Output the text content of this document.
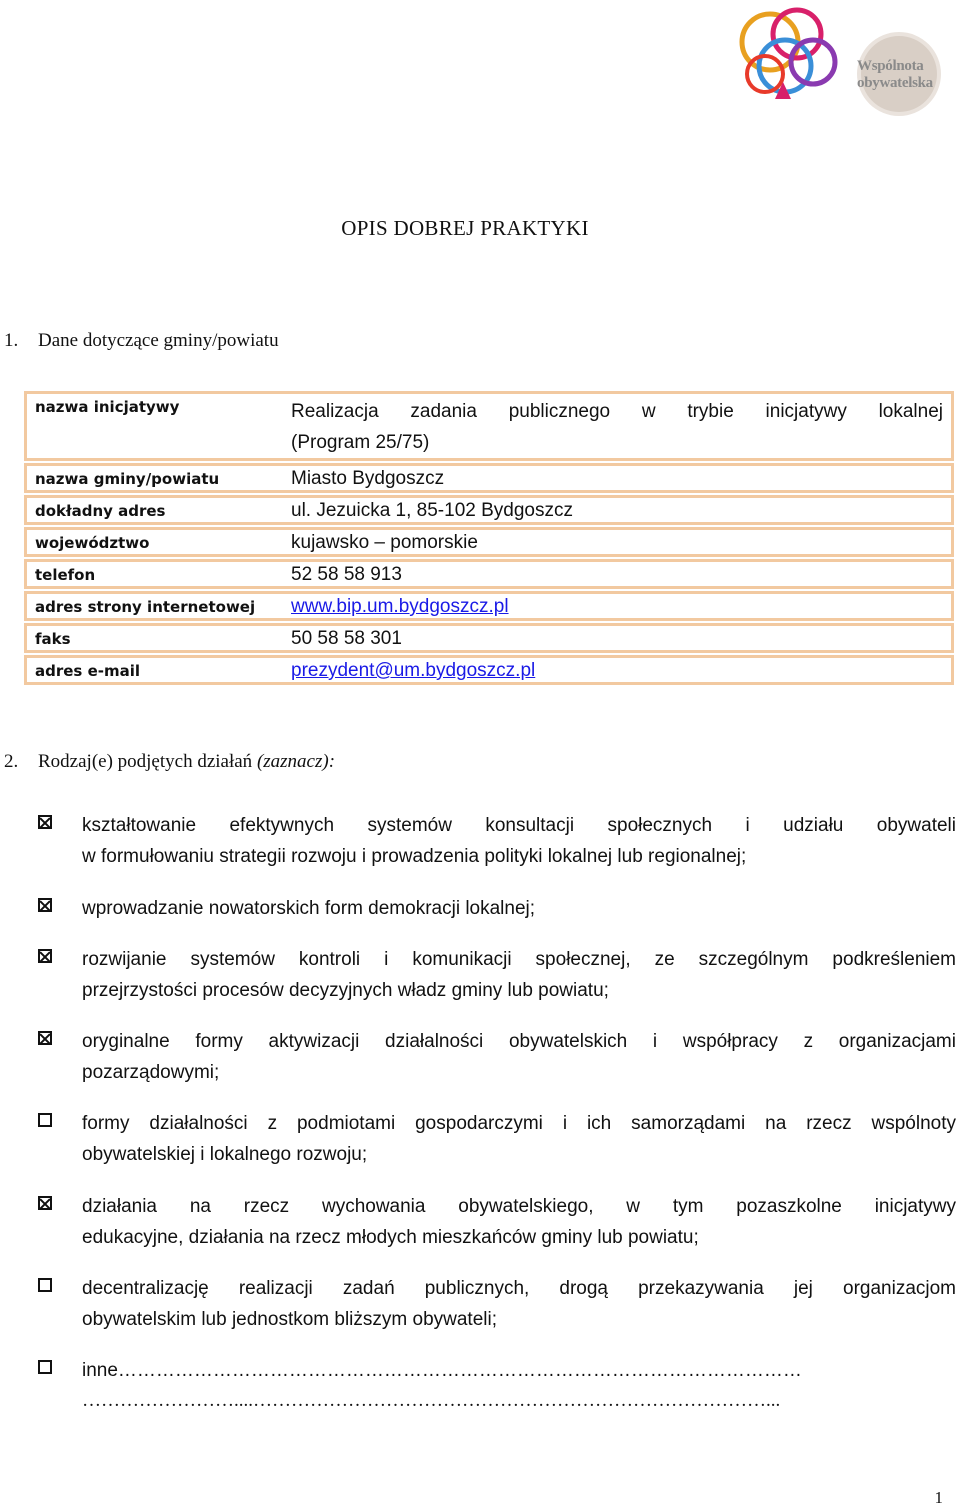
Wspólnota
obywatelska
OPIS DOBREJ PRAKTYKI
1. Dane dotyczące gminy/powiatu
nazwa inicjatywy	Realizacja zadania publicznego w trybie inicjatywy lokalnej
(Program 25/75)

nazwa gminy/powiatu	Miasto Bydgoszcz
dokładny adres	ul. Jezuicka 1, 85-102 Bydgoszcz
województwo	kujawsko – pomorskie
telefon	52 58 58 913
adres strony internetowej	www.bip.um.bydgoszcz.pl
faks	50 58 58 301
adres e-mail	prezydent@um.bydgoszcz.pl
2. Rodzaj(e) podjętych działań (zaznacz):
kształtowanie efektywnych systemów konsultacji społecznych i udziału obywateli
w formułowaniu strategii rozwoju i prowadzenia polityki lokalnej lub regionalnej;
wprowadzanie nowatorskich form demokracji lokalnej;
rozwijanie systemów kontroli i komunikacji społecznej, ze szczególnym podkreśleniem
przejrzystości procesów decyzyjnych władz gminy lub powiatu;
oryginalne formy aktywizacji działalności obywatelskich i współpracy z organizacjami
pozarządowymi;
formy działalności z podmiotami gospodarczymi i ich samorządami na rzecz wspólnoty
obywatelskiej i lokalnego rozwoju;
działania na rzecz wychowania obywatelskiego, w tym pozaszkolne inicjatywy
edukacyjne, działania na rzecz młodych mieszkańców gminy lub powiatu;
decentralizację realizacji zadań publicznych, drogą przekazywania jej organizacjom
obywatelskim lub jednostkom bliższym obywateli;
inne………………………………………………………………………………………………
……………………....………………………………………………………………………...
1
